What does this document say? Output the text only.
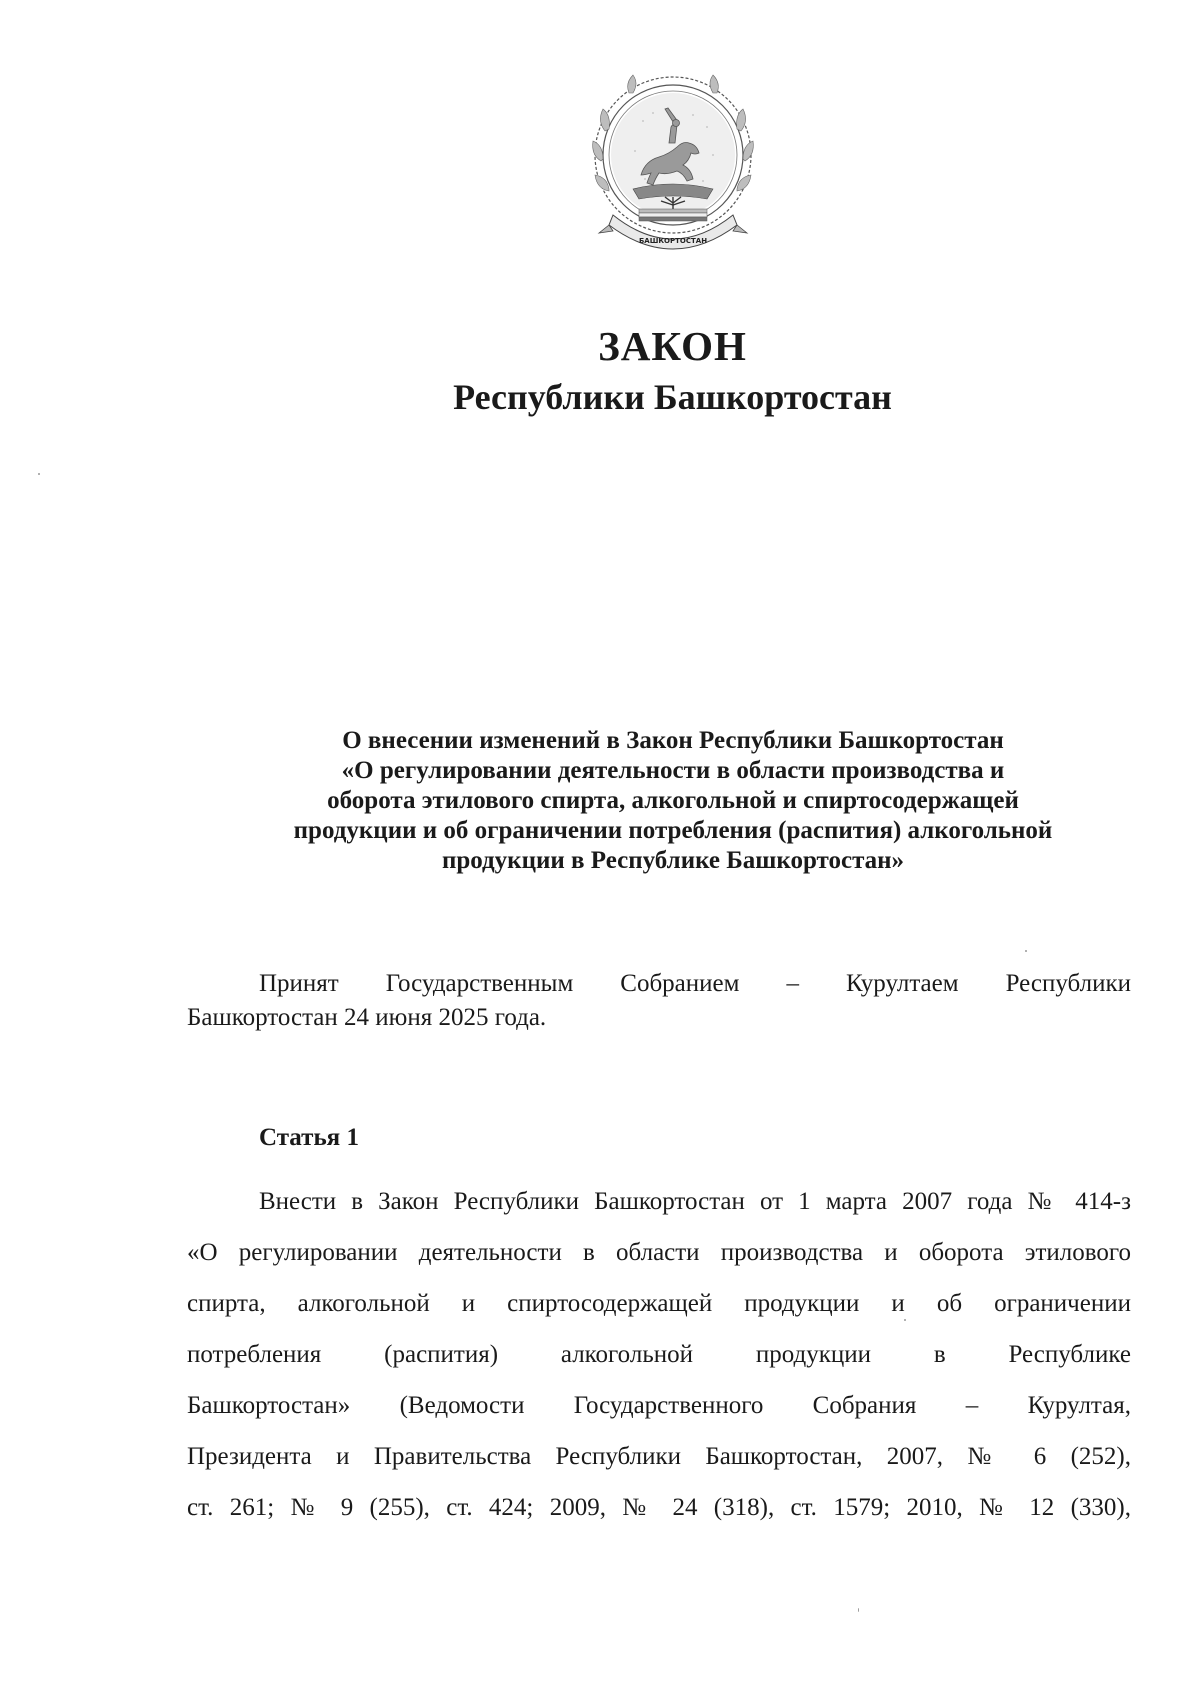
БАШКОРТОСТАН
ЗАКОН
Республики Башкортостан
О внесении изменений в Закон Республики Башкортостан
«О регулировании деятельности в области производства и
оборота этилового спирта, алкогольной и спиртосодержащей
продукции и об ограничении потребления (распития) алкогольной
продукции в Республике Башкортостан»
Принят Государственным Собранием – Курултаем Республики
Башкортостан 24 июня 2025 года.
Статья 1
Внести в Закон Республики Башкортостан от 1 марта 2007 года № 414-з
«О регулировании деятельности в области производства и оборота этилового
спирта, алкогольной и спиртосодержащей продукции и об ограничении
потребления (распития) алкогольной продукции в Республике
Башкортостан» (Ведомости Государственного Собрания – Курултая,
Президента и Правительства Республики Башкортостан, 2007, № 6 (252),
ст. 261; № 9 (255), ст. 424; 2009, № 24 (318), ст. 1579; 2010, № 12 (330),
